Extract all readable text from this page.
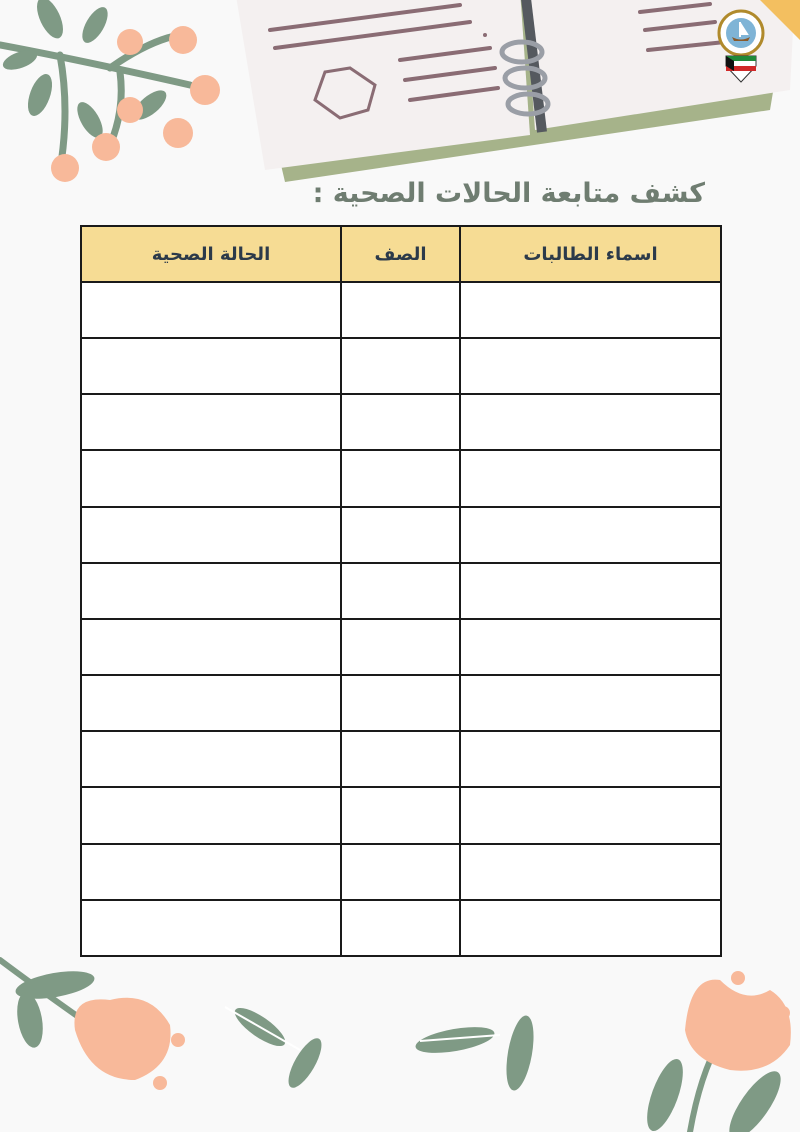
كشف متابعة الحالات الصحية :
اسماء الطالبات	الصف	الحالة الصحية
